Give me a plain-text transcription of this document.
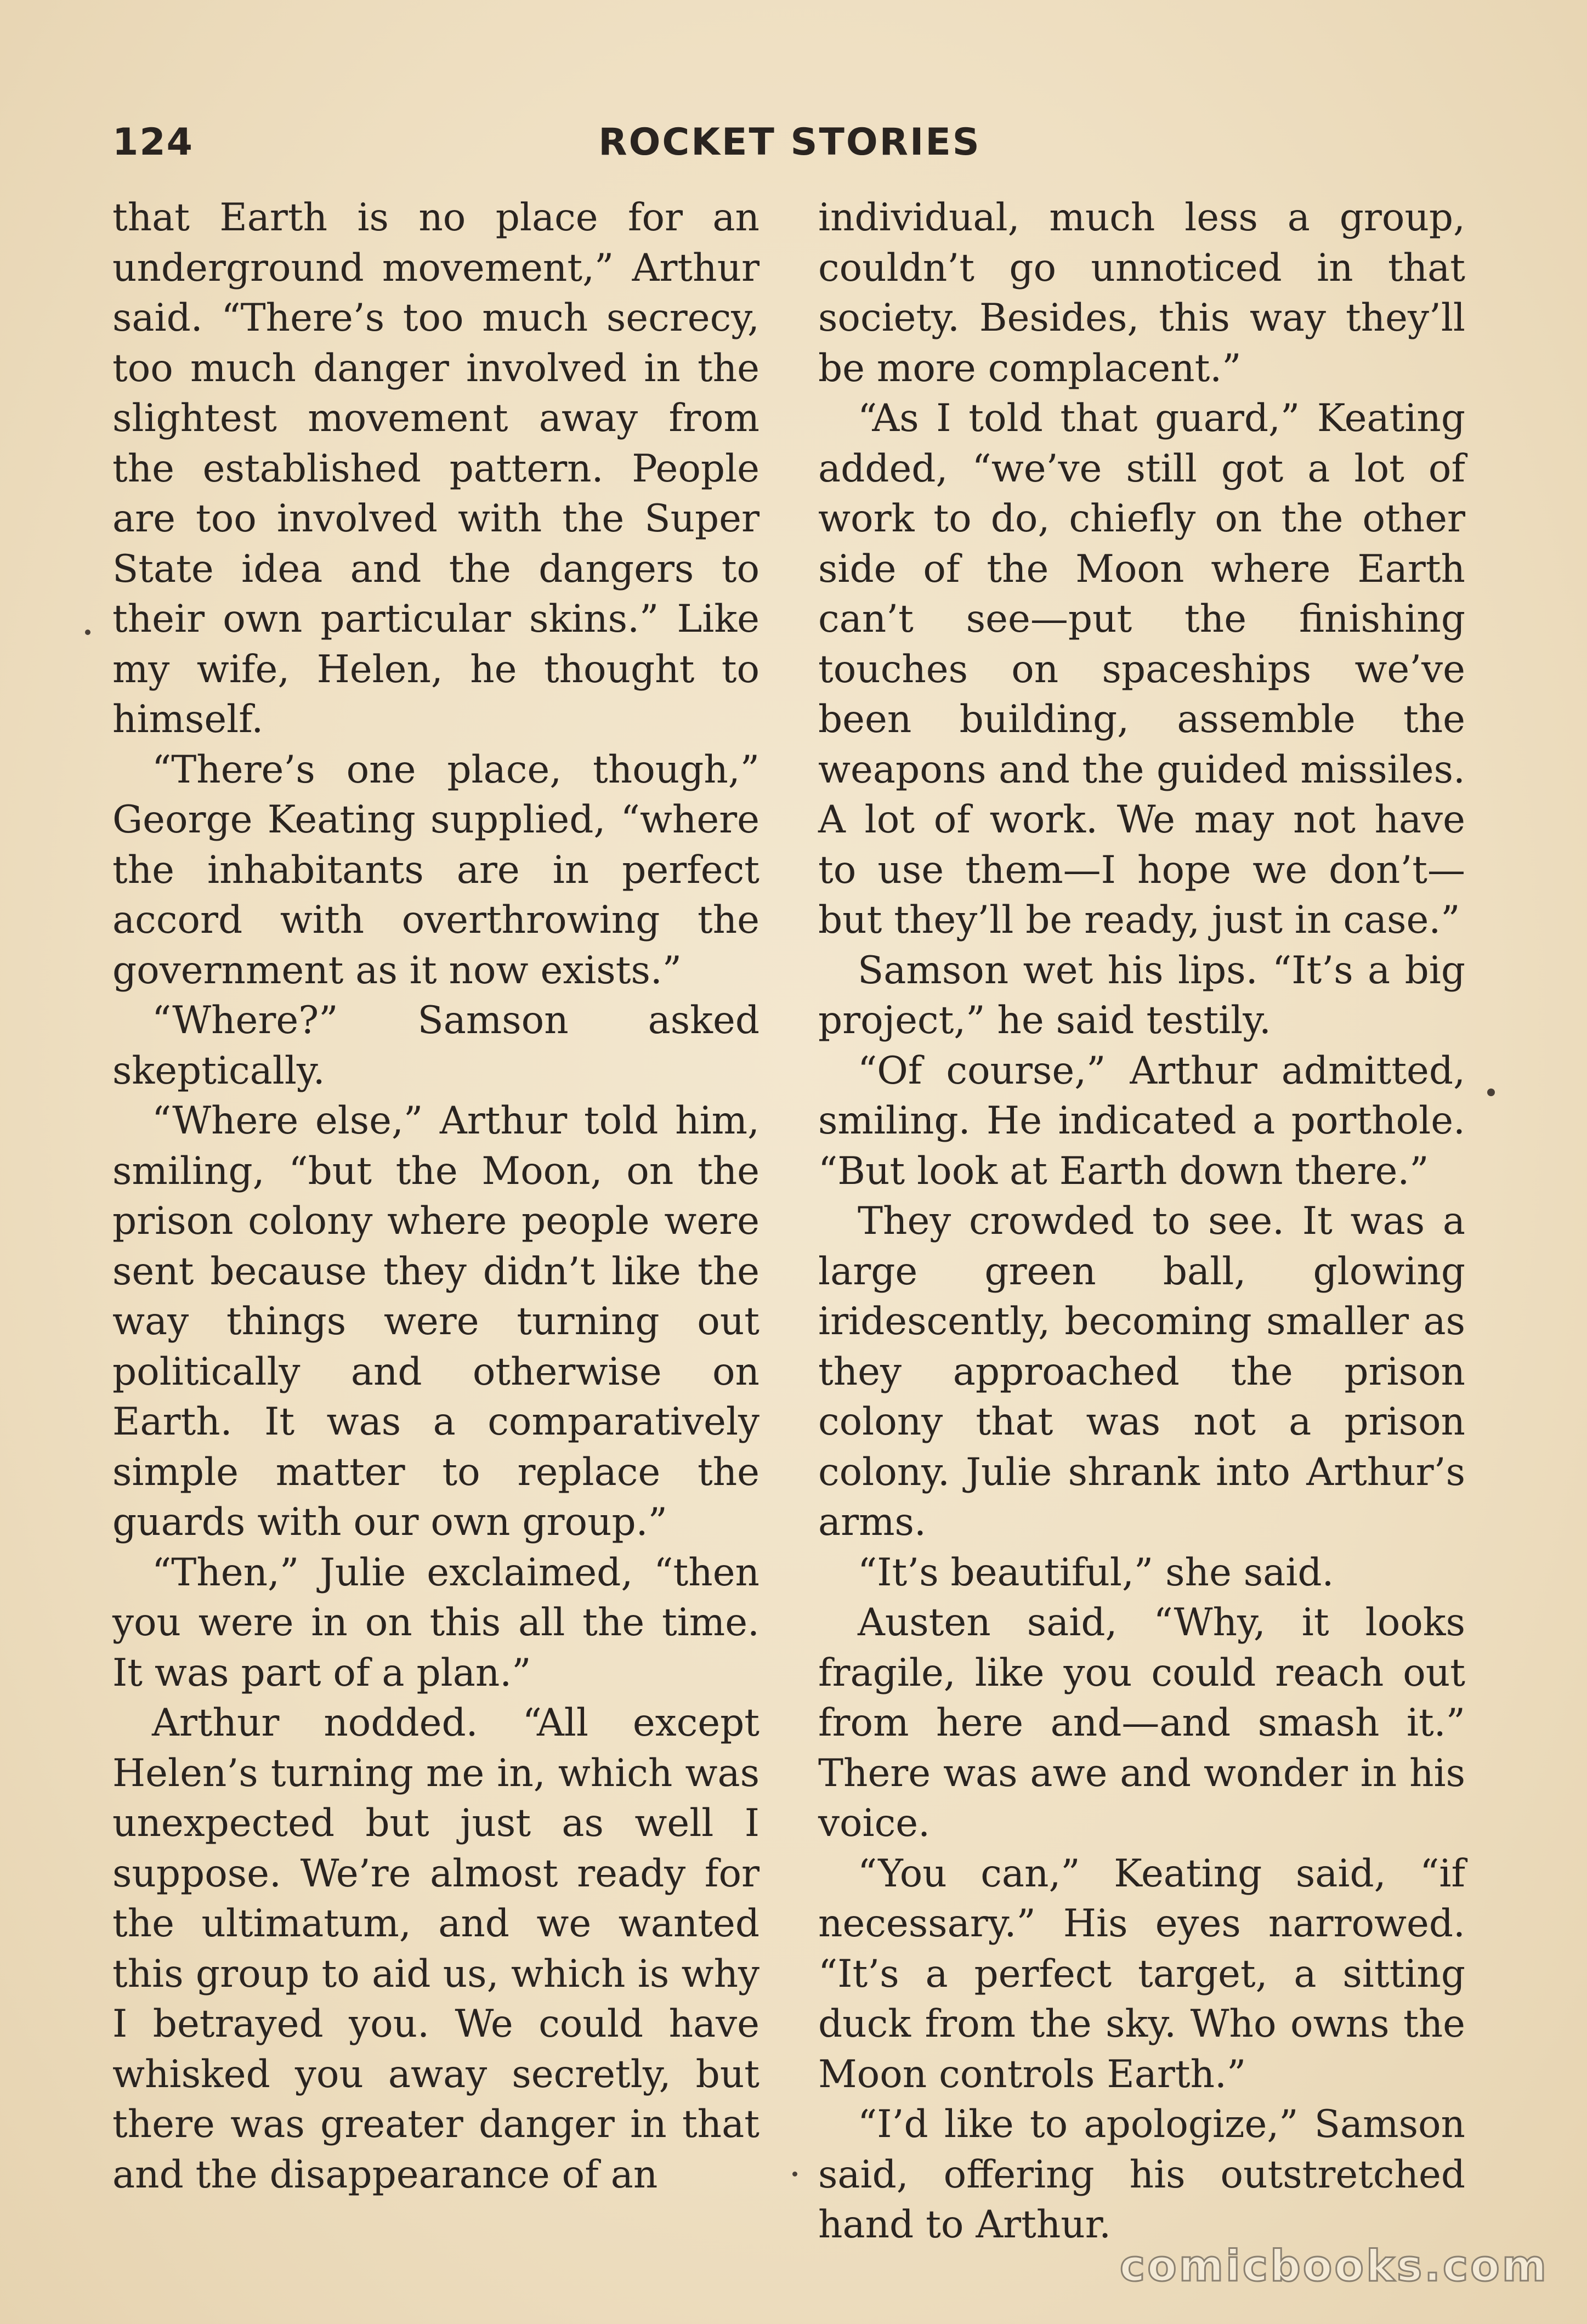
124	ROCKET STORIES

that Earth is no place for an underground movement,” Arthur said. “There’s too much secrecy, too much danger involved in the slightest movement away from the established pattern. People are too involved with the Super State idea and the dangers to their own particular skins.” Like my wife, Helen, he thought to himself.

“There’s one place, though,” George Keating supplied, “where the inhabitants are in perfect accord with overthrowing the government as it now exists.”

“Where?” Samson asked skeptically.

“Where else,” Arthur told him, smiling, “but the Moon, on the prison colony where people were sent because they didn’t like the way things were turning out politically and otherwise on Earth. It was a comparatively simple matter to replace the guards with our own group.”

“Then,” Julie exclaimed, “then you were in on this all the time. It was part of a plan.”

Arthur nodded. “All except Helen’s turning me in, which was unexpected but just as well I suppose. We’re almost ready for the ultimatum, and we wanted this group to aid us, which is why I betrayed you. We could have whisked you away secretly, but there was greater danger in that and the disappearance of an

individual, much less a group, couldn’t go unnoticed in that society. Besides, this way they’ll be more complacent.”

“As I told that guard,” Keating added, “we’ve still got a lot of work to do, chiefly on the other side of the Moon where Earth can’t see—put the finishing touches on spaceships we’ve been building, assemble the weapons and the guided missiles. A lot of work. We may not have to use them—I hope we don’t—but they’ll be ready, just in case.”

Samson wet his lips. “It’s a big project,” he said testily.

“Of course,” Arthur admitted, smiling. He indicated a porthole. “But look at Earth down there.”

They crowded to see. It was a large green ball, glowing iridescently, becoming smaller as they approached the prison colony that was not a prison colony. Julie shrank into Arthur’s arms.

“It’s beautiful,” she said.

Austen said, “Why, it looks fragile, like you could reach out from here and—and smash it.” There was awe and wonder in his voice.

“You can,” Keating said, “if necessary.” His eyes narrowed. “It’s a perfect target, a sitting duck from the sky. Who owns the Moon controls Earth.”

“I’d like to apologize,” Samson said, offering his outstretched hand to Arthur.

comicbooks.com
